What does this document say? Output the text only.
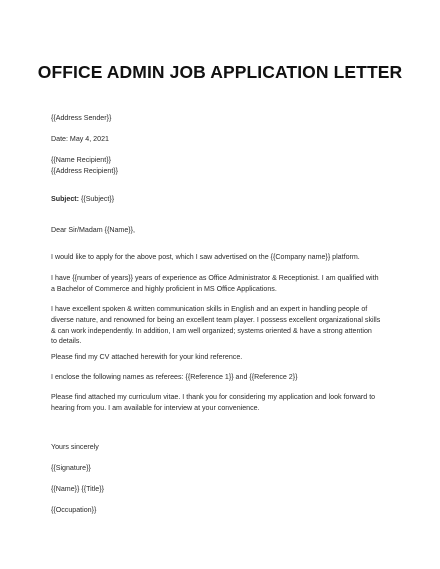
OFFICE ADMIN JOB APPLICATION LETTER

{{Address Sender}}

Date: May 4, 2021

{{Name Recipient}}
{{Address Recipient}}
Subject: {{Subject}}

Dear Sir/Madam {{Name}},

I would like to apply for the above post, which I saw advertised on the {{Company name}} platform.

I have {{number of years}} years of experience as Office Administrator & Receptionist. I am qualified with
a Bachelor of Commerce and highly proficient in MS Office Applications.
I have excellent spoken & written communication skills in English and an expert in handling people of
diverse nature, and renowned for being an excellent team player. I possess excellent organizational skills
& can work independently. In addition, I am well organized; systems oriented & have a strong attention
to details.

Please find my CV attached herewith for your kind reference.

I enclose the following names as referees: {{Reference 1}} and {{Reference 2}}

Please find attached my curriculum vitae. I thank you for considering my application and look forward to
hearing from you. I am available for interview at your convenience.

Yours sincerely

{{Signature}}

{{Name}} {{Title}}

{{Occupation}}
